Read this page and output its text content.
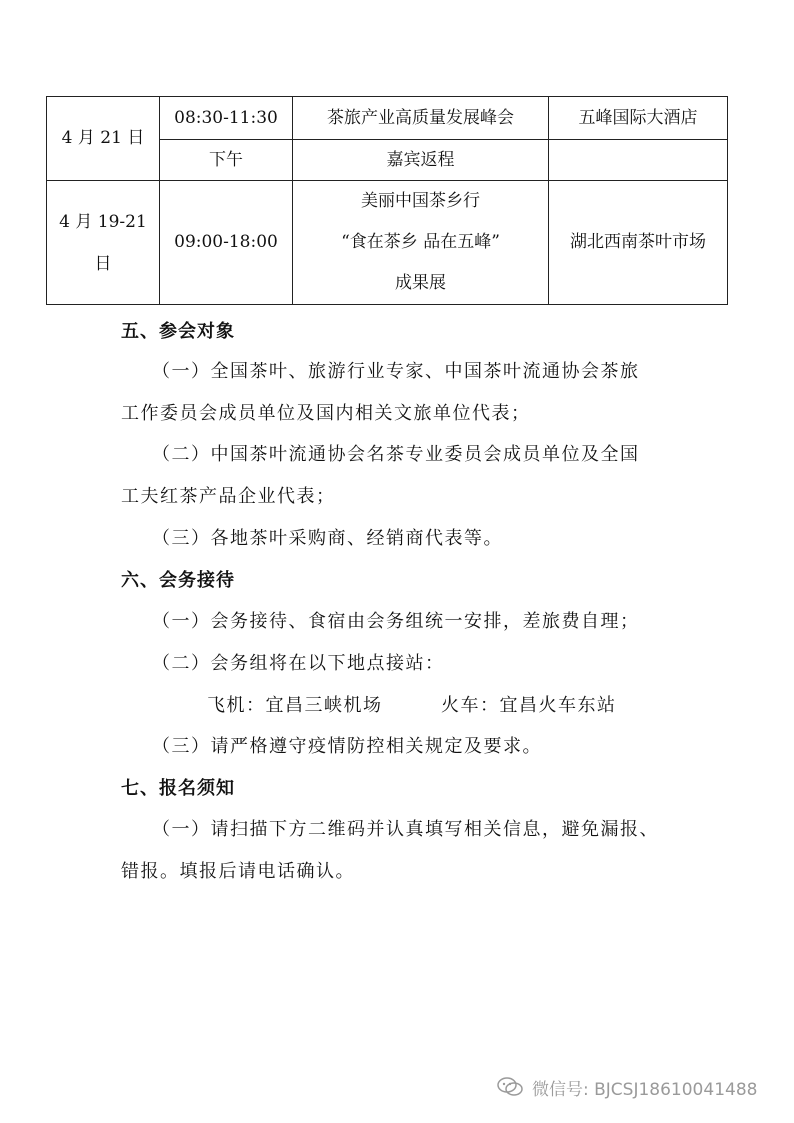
4 月 21 日	08:30-11:30	茶旅产业高质量发展峰会	五峰国际大酒店
	下午	嘉宾返程	

4 月 19-21
日	09:00-18:00	美丽中国茶乡行
“食在茶乡 品在五峰”
成果展	湖北西南茶叶市场
五、参会对象
（一）全国茶叶、旅游行业专家、中国茶叶流通协会茶旅
工作委员会成员单位及国内相关文旅单位代表；
（二）中国茶叶流通协会名茶专业委员会成员单位及全国
工夫红茶产品企业代表；
（三）各地茶叶采购商、经销商代表等。
六、会务接待
（一）会务接待、食宿由会务组统一安排，差旅费自理；
（二）会务组将在以下地点接站：
飞机：宜昌三峡机场	火车：宜昌火车东站
（三）请严格遵守疫情防控相关规定及要求。
七、报名须知
（一）请扫描下方二维码并认真填写相关信息，避免漏报、
错报。填报后请电话确认。
微信号: BJCSJ18610041488
